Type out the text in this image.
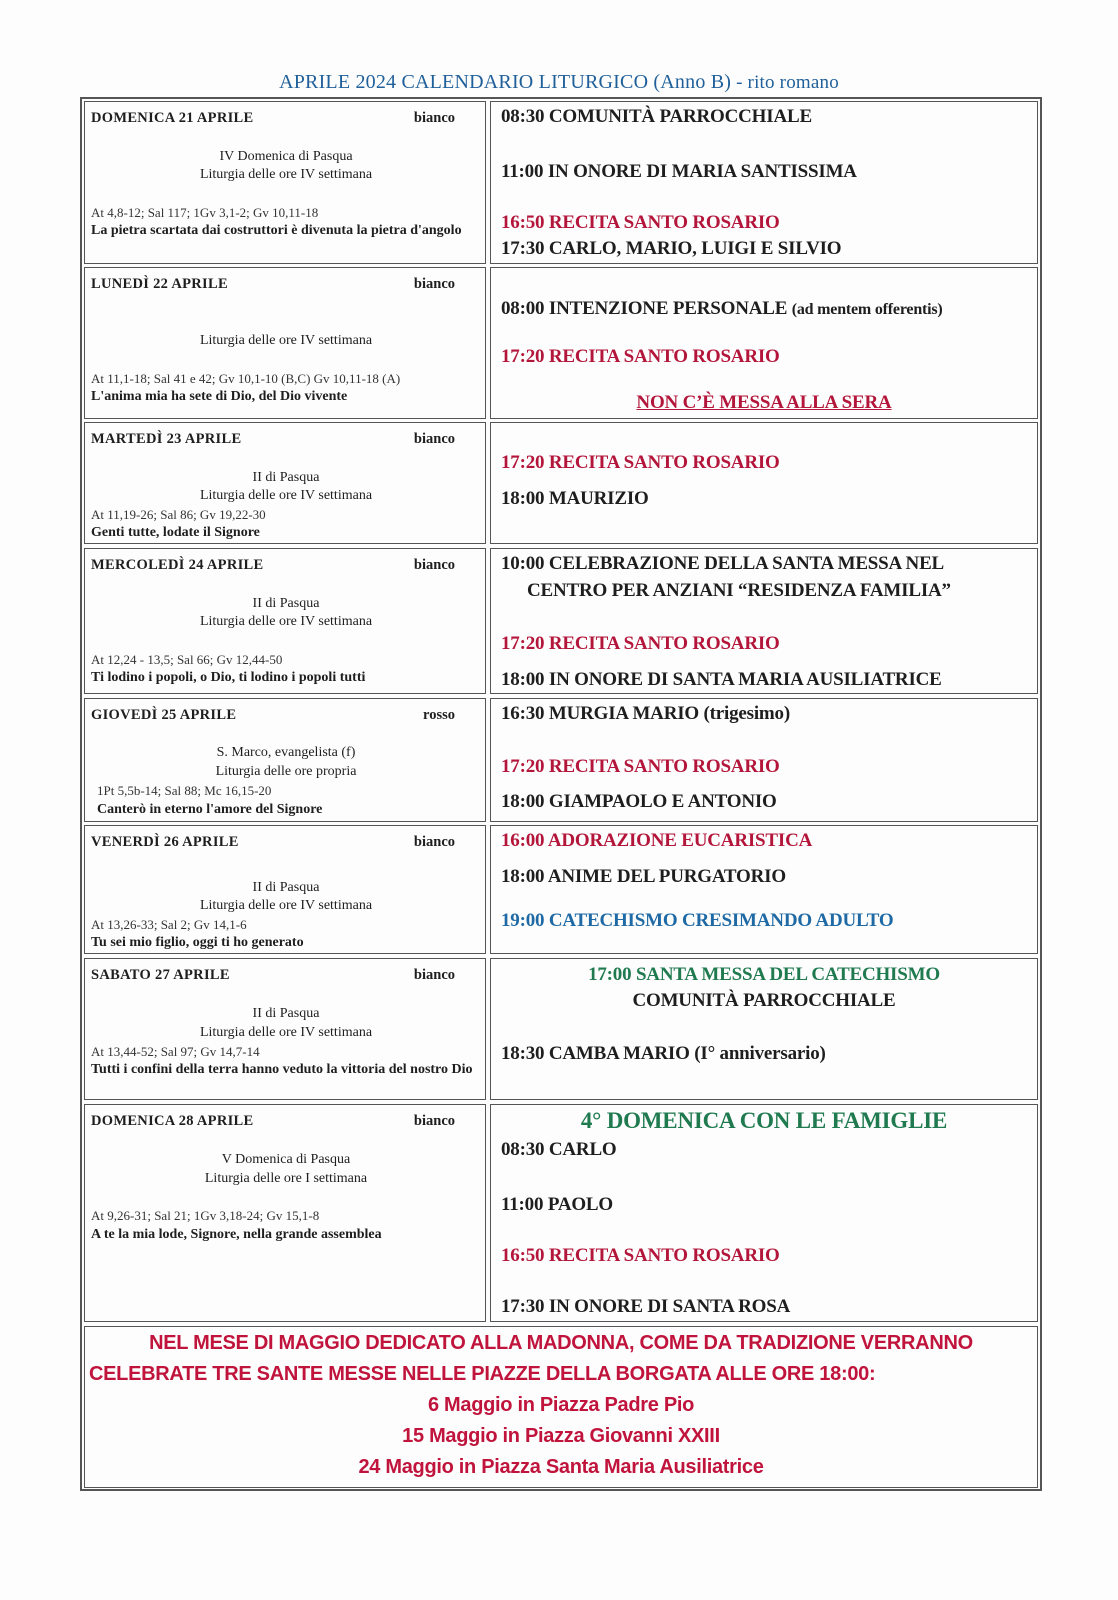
APRILE 2024 CALENDARIO LITURGICO (Anno B) - rito romano
DOMENICA 21 APRILE	bianco
IV Domenica di Pasqua
Liturgia delle ore IV settimana
At 4,8-12; Sal 117; 1Gv 3,1-2; Gv 10,11-18
La pietra scartata dai costruttori è divenuta la pietra d'angolo
08:30 COMUNITÀ PARROCCHIALE
11:00 IN ONORE DI MARIA SANTISSIMA
16:50 RECITA SANTO ROSARIO
17:30 CARLO, MARIO, LUIGI E SILVIO
LUNEDÌ 22 APRILE	bianco
Liturgia delle ore IV settimana
At 11,1-18; Sal 41 e 42; Gv 10,1-10 (B,C) Gv 10,11-18 (A)
L'anima mia ha sete di Dio, del Dio vivente
08:00 INTENZIONE PERSONALE (ad mentem offerentis)
17:20 RECITA SANTO ROSARIO
NON C’È MESSA ALLA SERA
MARTEDÌ 23 APRILE	bianco
II di Pasqua
Liturgia delle ore IV settimana
At 11,19-26; Sal 86; Gv 19,22-30
Genti tutte, lodate il Signore
17:20 RECITA SANTO ROSARIO
18:00 MAURIZIO
MERCOLEDÌ 24 APRILE	bianco
II di Pasqua
Liturgia delle ore IV settimana
At 12,24 - 13,5; Sal 66; Gv 12,44-50
Ti lodino i popoli, o Dio, ti lodino i popoli tutti
10:00 CELEBRAZIONE DELLA SANTA MESSA NEL
CENTRO PER ANZIANI “RESIDENZA FAMILIA”
17:20 RECITA SANTO ROSARIO
18:00 IN ONORE DI SANTA MARIA AUSILIATRICE
GIOVEDÌ 25 APRILE	rosso
S. Marco, evangelista (f)
Liturgia delle ore propria
1Pt 5,5b-14; Sal 88; Mc 16,15-20
Canterò in eterno l'amore del Signore
16:30 MURGIA MARIO (trigesimo)
17:20 RECITA SANTO ROSARIO
18:00 GIAMPAOLO E ANTONIO
VENERDÌ 26 APRILE	bianco
II di Pasqua
Liturgia delle ore IV settimana
At 13,26-33; Sal 2; Gv 14,1-6
Tu sei mio figlio, oggi ti ho generato
16:00 ADORAZIONE EUCARISTICA
18:00 ANIME DEL PURGATORIO
19:00 CATECHISMO CRESIMANDO ADULTO
SABATO 27 APRILE	bianco
II di Pasqua
Liturgia delle ore IV settimana
At 13,44-52; Sal 97; Gv 14,7-14
Tutti i confini della terra hanno veduto la vittoria del nostro Dio
17:00 SANTA MESSA DEL CATECHISMO
COMUNITÀ PARROCCHIALE
18:30 CAMBA MARIO (I° anniversario)
DOMENICA 28 APRILE	bianco
V Domenica di Pasqua
Liturgia delle ore I settimana
At 9,26-31; Sal 21; 1Gv 3,18-24; Gv 15,1-8
A te la mia lode, Signore, nella grande assemblea
4° DOMENICA CON LE FAMIGLIE
08:30 CARLO
11:00 PAOLO
16:50 RECITA SANTO ROSARIO
17:30 IN ONORE DI SANTA ROSA
NEL MESE DI MAGGIO DEDICATO ALLA MADONNA, COME DA TRADIZIONE VERRANNO
CELEBRATE TRE SANTE MESSE NELLE PIAZZE DELLA BORGATA ALLE ORE 18:00:
6 Maggio in Piazza Padre Pio
15 Maggio in Piazza Giovanni XXIII
24 Maggio in Piazza Santa Maria Ausiliatrice
